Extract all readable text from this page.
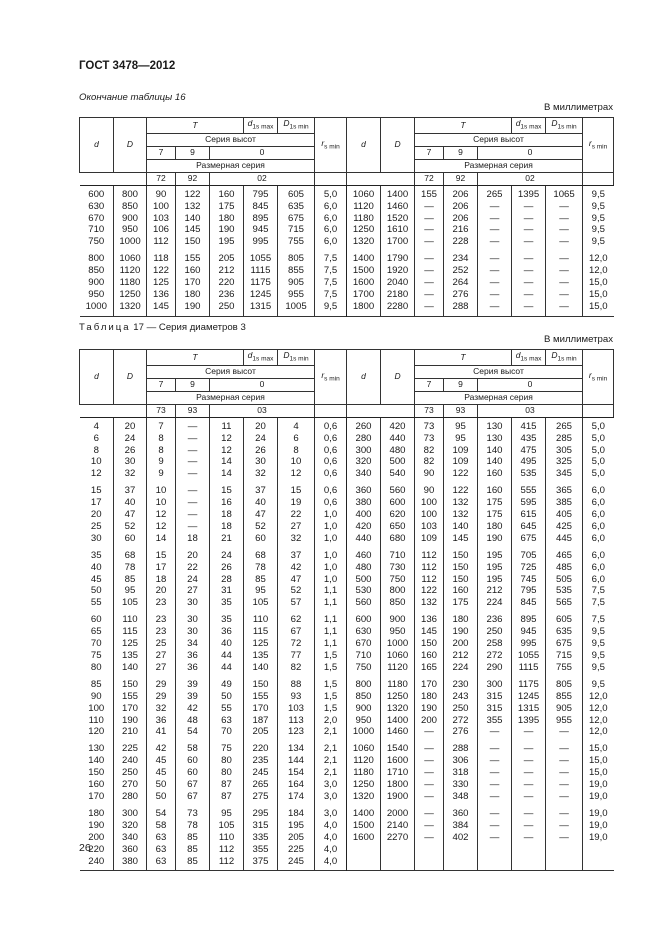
ГОСТ 3478—2012
Окончание таблицы 16
В миллиметрах
d	D	T			$d_{1s max}$	$D_{1s min}$	$r_{s min}$	d	D	T			$d_{1s max}$	$D_{1s min}$	$r_{s min}$
		Серия высот								Серия высот					
		7	9	0						7	9	0			
		Размерная серия								Размерная серия					
		72	92	02						72	92	02			
600	800	90	122	160	795	605	5,0	1060	1400	155	206	265	1395	1065	9,5
630	850	100	132	175	845	635	6,0	1120	1460	—	206	—	—	—	9,5
670	900	103	140	180	895	675	6,0	1180	1520	—	206	—	—	—	9,5
710	950	106	145	190	945	715	6,0	1250	1610	—	216	—	—	—	9,5
750	1000	112	150	195	995	755	6,0	1320	1700	—	228	—	—	—	9,5
800	1060	118	155	205	1055	805	7,5	1400	1790	—	234	—	—	—	12,0
850	1120	122	160	212	1115	855	7,5	1500	1920	—	252	—	—	—	12,0
900	1180	125	170	220	1175	905	7,5	1600	2040	—	264	—	—	—	15,0
950	1250	136	180	236	1245	955	7,5	1700	2180	—	276	—	—	—	15,0
1000	1320	145	190	250	1315	1005	9,5	1800	2280	—	288	—	—	—	15,0
Таблица 17 — Серия диаметров 3
В миллиметрах
d	D	T			$d_{1s max}$	$D_{1s min}$	$r_{s min}$	d	D	T			$d_{1s max}$	$D_{1s min}$	$r_{s min}$
		Серия высот								Серия высот					
		7	9	0						7	9	0			
		Размерная серия								Размерная серия					
		73	93	03						73	93	03			
4	20	7	—	11	20	4	0,6	260	420	73	95	130	415	265	5,0
6	24	8	—	12	24	6	0,6	280	440	73	95	130	435	285	5,0
8	26	8	—	12	26	8	0,6	300	480	82	109	140	475	305	5,0
10	30	9	—	14	30	10	0,6	320	500	82	109	140	495	325	5,0
12	32	9	—	14	32	12	0,6	340	540	90	122	160	535	345	5,0
15	37	10	—	15	37	15	0,6	360	560	90	122	160	555	365	6,0
17	40	10	—	16	40	19	0,6	380	600	100	132	175	595	385	6,0
20	47	12	—	18	47	22	1,0	400	620	100	132	175	615	405	6,0
25	52	12	—	18	52	27	1,0	420	650	103	140	180	645	425	6,0
30	60	14	18	21	60	32	1,0	440	680	109	145	190	675	445	6,0
35	68	15	20	24	68	37	1,0	460	710	112	150	195	705	465	6,0
40	78	17	22	26	78	42	1,0	480	730	112	150	195	725	485	6,0
45	85	18	24	28	85	47	1,0	500	750	112	150	195	745	505	6,0
50	95	20	27	31	95	52	1,1	530	800	122	160	212	795	535	7,5
55	105	23	30	35	105	57	1,1	560	850	132	175	224	845	565	7,5
60	110	23	30	35	110	62	1,1	600	900	136	180	236	895	605	7,5
65	115	23	30	36	115	67	1,1	630	950	145	190	250	945	635	9,5
70	125	25	34	40	125	72	1,1	670	1000	150	200	258	995	675	9,5
75	135	27	36	44	135	77	1,5	710	1060	160	212	272	1055	715	9,5
80	140	27	36	44	140	82	1,5	750	1120	165	224	290	1115	755	9,5
85	150	29	39	49	150	88	1,5	800	1180	170	230	300	1175	805	9,5
90	155	29	39	50	155	93	1,5	850	1250	180	243	315	1245	855	12,0
100	170	32	42	55	170	103	1,5	900	1320	190	250	315	1315	905	12,0
110	190	36	48	63	187	113	2,0	950	1400	200	272	355	1395	955	12,0
120	210	41	54	70	205	123	2,1	1000	1460	—	276	—	—	—	12,0
130	225	42	58	75	220	134	2,1	1060	1540	—	288	—	—	—	15,0
140	240	45	60	80	235	144	2,1	1120	1600	—	306	—	—	—	15,0
150	250	45	60	80	245	154	2,1	1180	1710	—	318	—	—	—	15,0
160	270	50	67	87	265	164	3,0	1250	1800	—	330	—	—	—	19,0
170	280	50	67	87	275	174	3,0	1320	1900	—	348	—	—	—	19,0
180	300	54	73	95	295	184	3,0	1400	2000	—	360	—	—	—	19,0
190	320	58	78	105	315	195	4,0	1500	2140	—	384	—	—	—	19,0
200	340	63	85	110	335	205	4,0	1600	2270	—	402	—	—	—	19,0
220	360	63	85	112	355	225	4,0								
240	380	63	85	112	375	245	4,0								
26
